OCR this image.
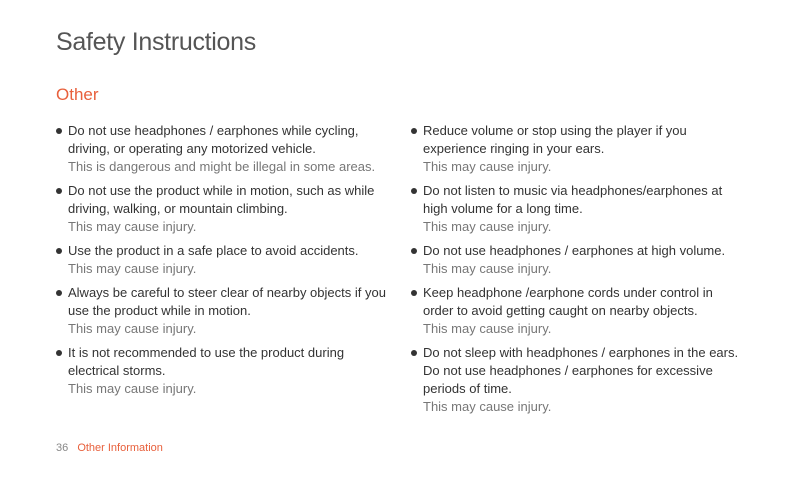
Safety Instructions
Other
Do not use headphones / earphones while cycling, driving, or operating any motorized vehicle.
This is dangerous and might be illegal in some areas.
Do not use the product while in motion, such as while driving, walking, or mountain climbing.
This may cause injury.
Use the product in a safe place to avoid accidents.
This may cause injury.
Always be careful to steer clear of nearby objects if you use the product while in motion.
This may cause injury.
It is not recommended to use the product during electrical storms.
This may cause injury.
Reduce volume or stop using the player if you experience ringing in your ears.
This may cause injury.
Do not listen to music via headphones/earphones at high volume for a long time.
This may cause injury.
Do not use headphones / earphones at high volume.
This may cause injury.
Keep headphone /earphone cords under control in order to avoid getting caught on nearby objects.
This may cause injury.
Do not sleep with headphones / earphones in the ears. Do not use headphones / earphones for excessive periods of time.
This may cause injury.
36 Other Information
